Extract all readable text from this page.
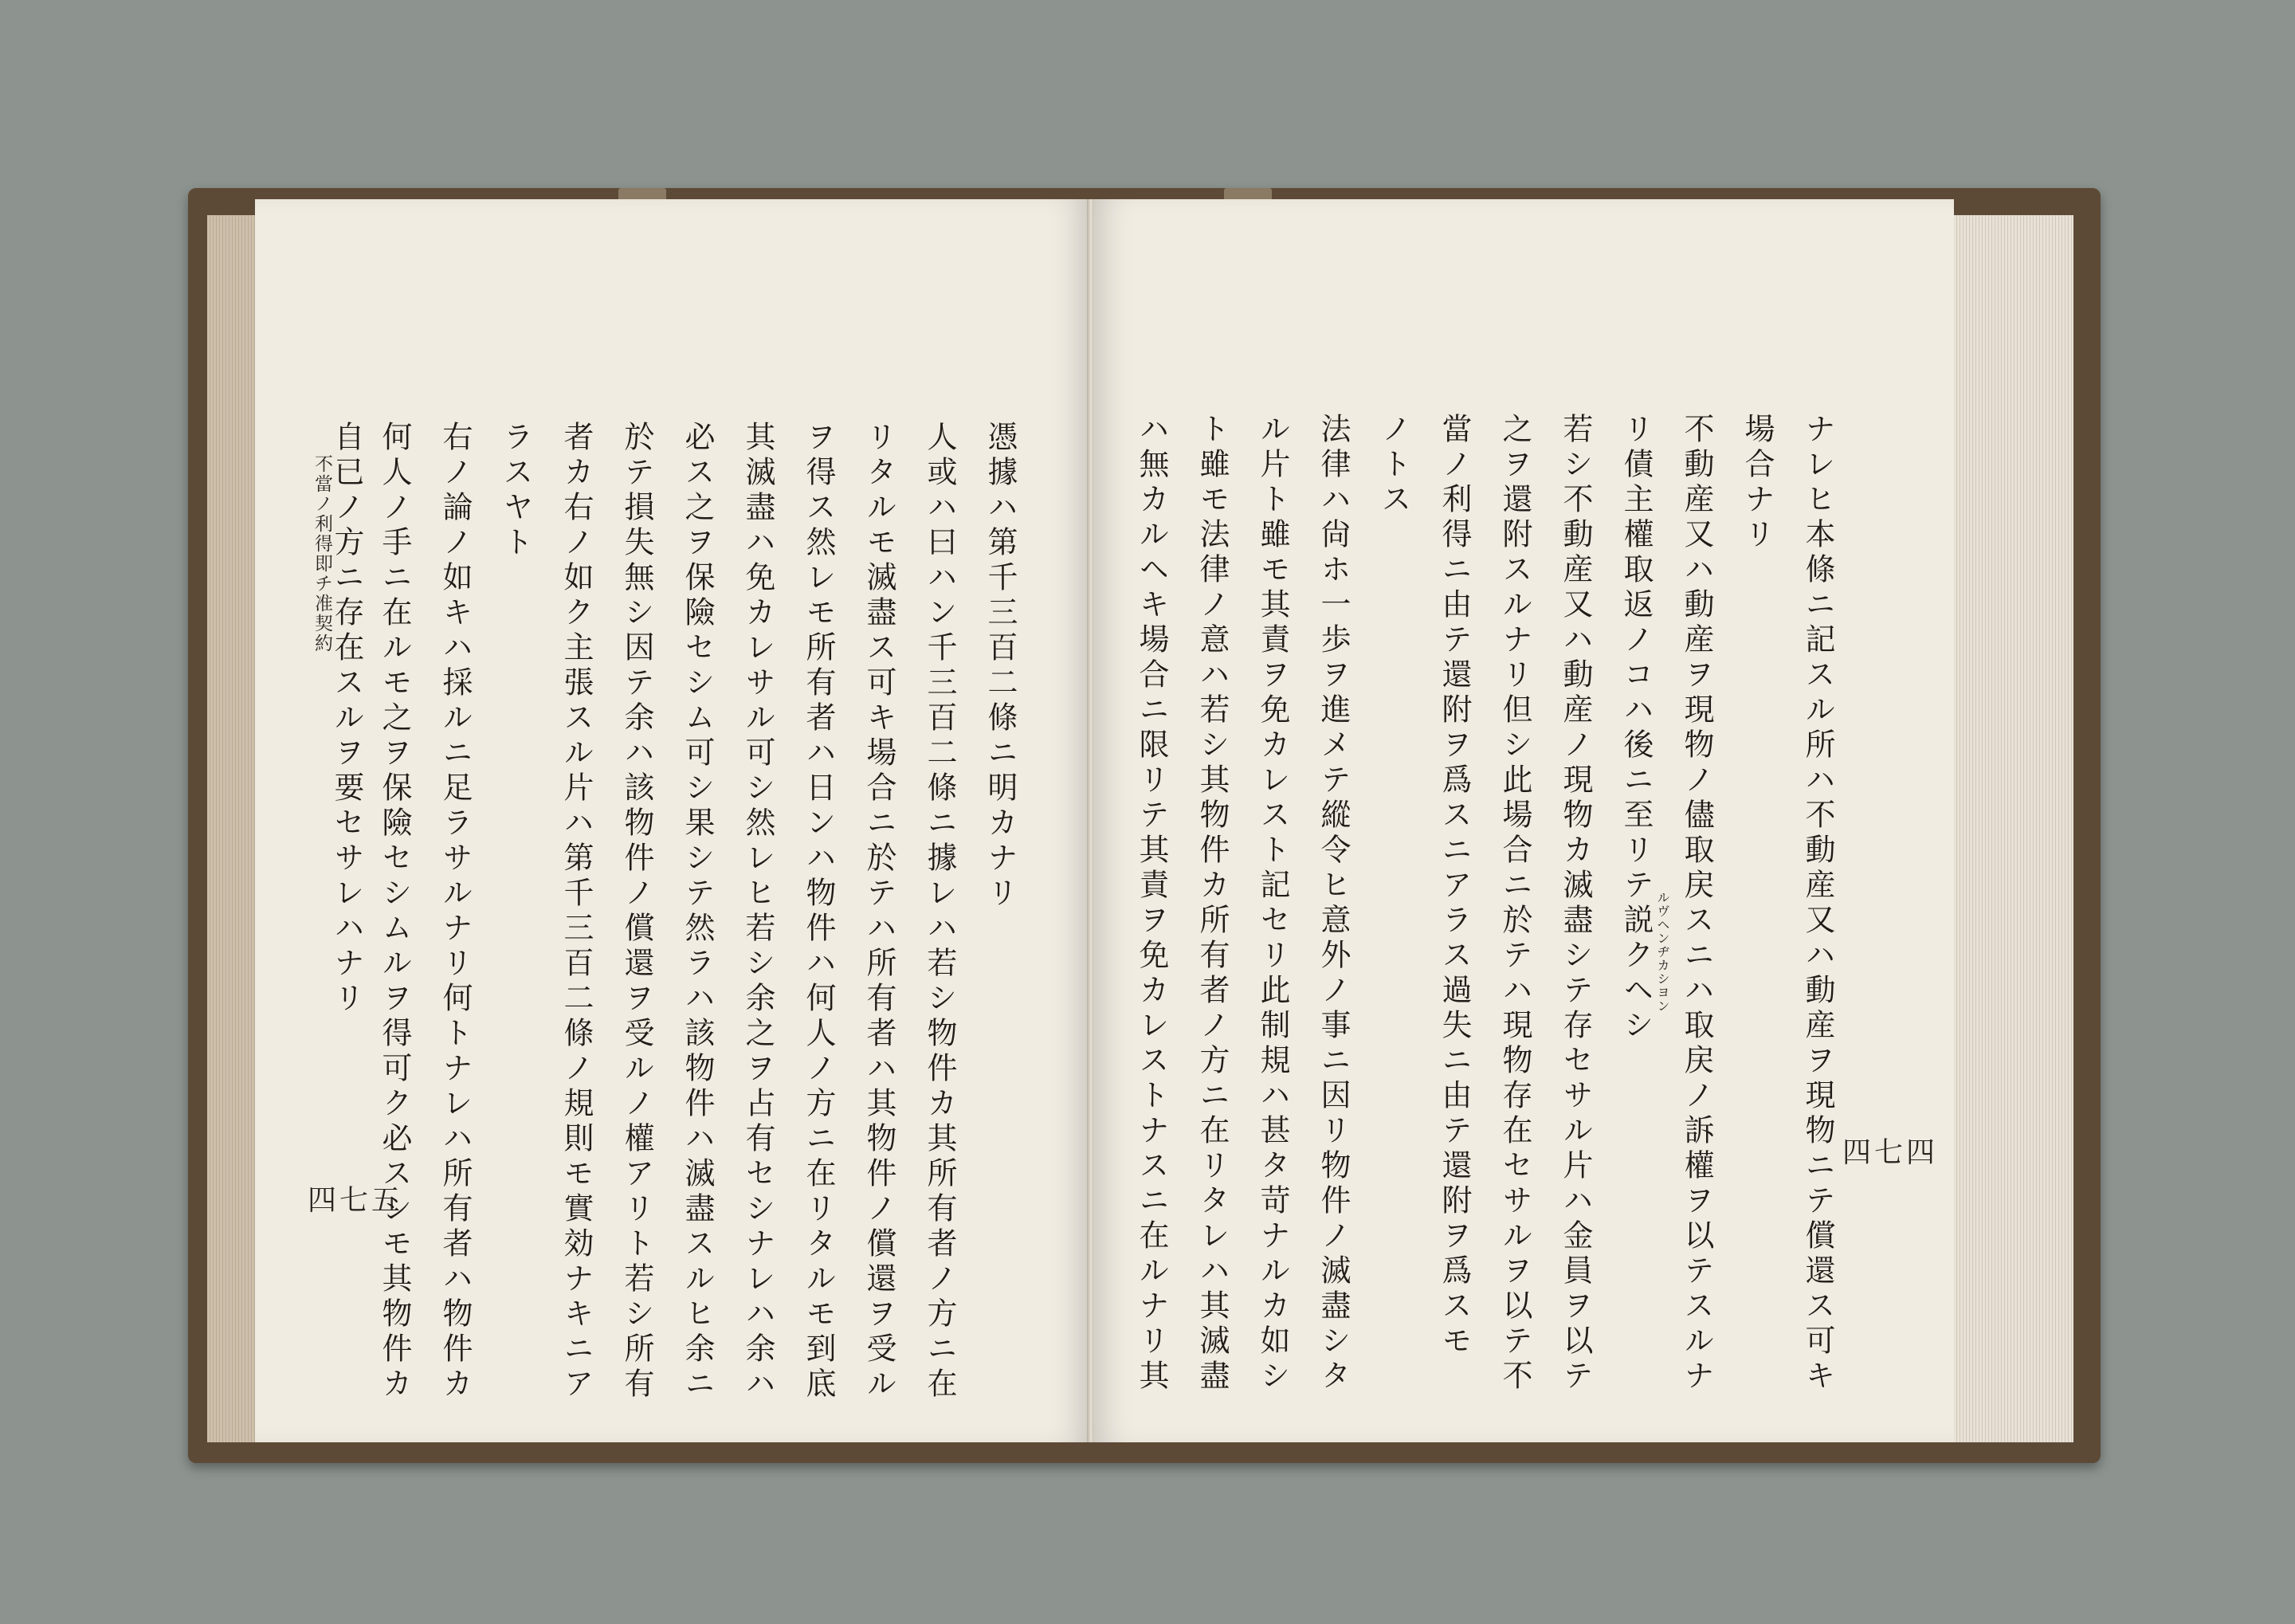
不當ノ利得即チ准契約
四七五
憑據ハ第千三百二條ニ明カナリ
人或ハ曰ハン千三百二條ニ據レハ若シ物件カ其所有者ノ方ニ在
リタルモ滅盡ス可キ場合ニ於テハ所有者ハ其物件ノ償還ヲ受ル
ヲ得ス然レモ所有者ハ日ンハ物件ハ何人ノ方ニ在リタルモ到底
其滅盡ハ免カレサル可シ然レヒ若シ余之ヲ占有セシナレハ余ハ
必ス之ヲ保險セシム可シ果シテ然ラハ該物件ハ滅盡スルヒ余ニ
於テ損失無シ因テ余ハ該物件ノ償還ヲ受ルノ權アリト若シ所有
者カ右ノ如ク主張スル片ハ第千三百二條ノ規則モ實効ナキニア
ラスヤト
右ノ論ノ如キハ採ルニ足ラサルナリ何トナレハ所有者ハ物件カ
何人ノ手ニ在ルモ之ヲ保險セシムルヲ得可ク必スシモ其物件カ
自已ノ方ニ存在スルヲ要セサレハナリ
四七四
ナレヒ本條ニ記スル所ハ不動産又ハ動産ヲ現物ニテ償還ス可キ
場合ナリ
不動産又ハ動産ヲ現物ノ儘取戻スニハ取戻ノ訴權ヲ以テスルナ
リ債主權取返ノコハ後ニ至リテ説クヘシ
若シ不動産又ハ動産ノ現物カ滅盡シテ存セサル片ハ金員ヲ以テ
之ヲ還附スルナリ但シ此場合ニ於テハ現物存在セサルヲ以テ不
當ノ利得ニ由テ還附ヲ爲スニアラス過失ニ由テ還附ヲ爲スモ
ノトス
法律ハ尙ホ一歩ヲ進メテ縱令ヒ意外ノ事ニ因リ物件ノ滅盡シタ
ル片ト雖モ其責ヲ免カレスト記セリ此制規ハ甚タ苛ナルカ如シ
ト雖モ法律ノ意ハ若シ其物件カ所有者ノ方ニ在リタレハ其滅盡
ハ無カルヘキ場合ニ限リテ其責ヲ免カレストナスニ在ルナリ其	ルヴヘンヂカシヨン
